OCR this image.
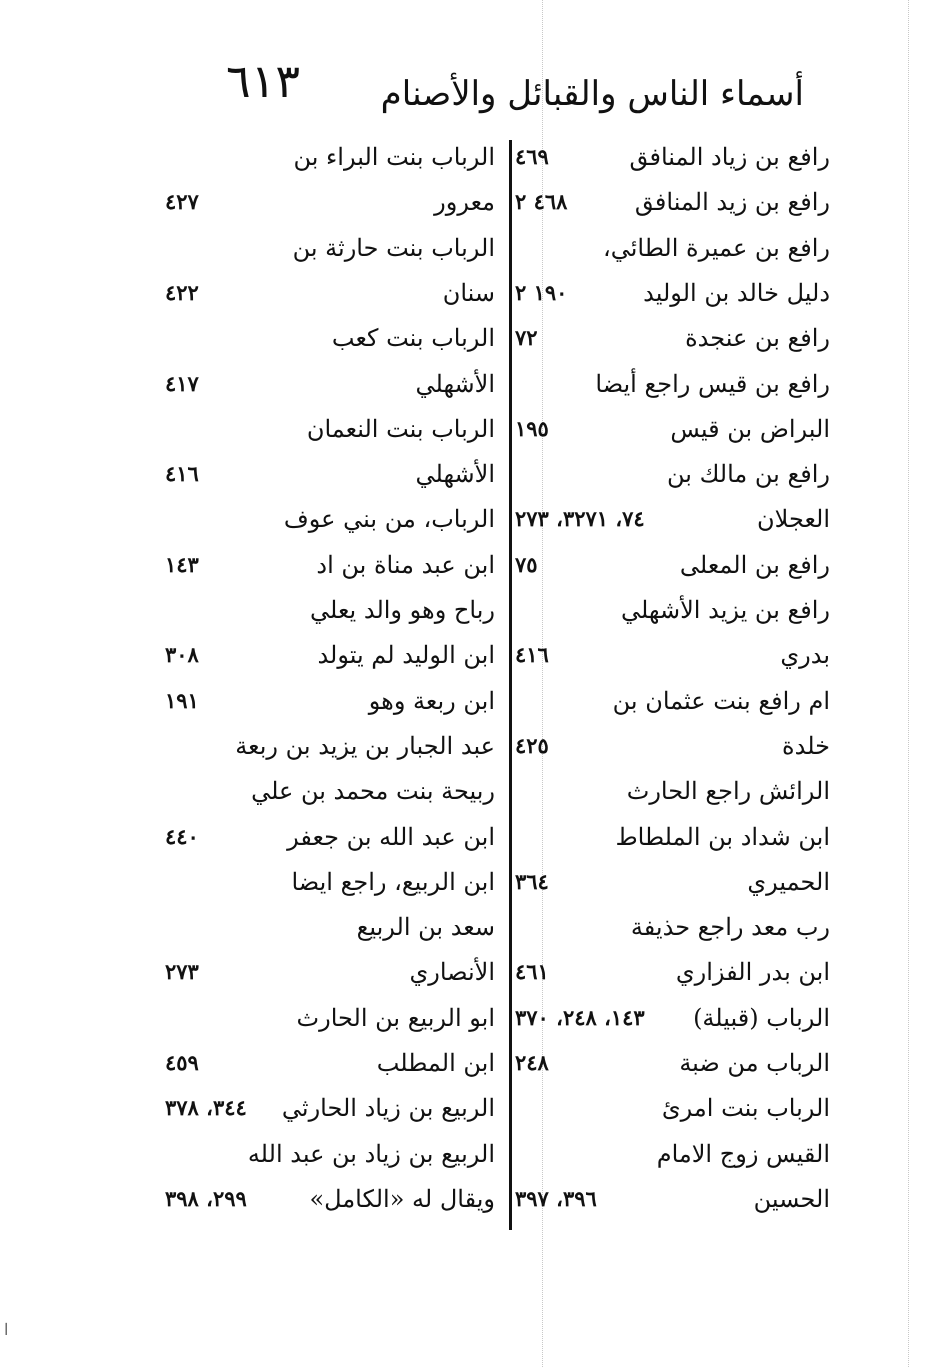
٦١٣ أسماء الناس والقبائل والأصنام
رافع بن زياد المنافق
٤٦٩
رافع بن زيد المنافق
٤٦٨ ٢
رافع بن عميرة الطائي،
دليل خالد بن الوليد
١٩٠ ٢
رافع بن عنجدة
٧٢
رافع بن قيس راجع أيضا
البراض بن قيس
١٩٥
رافع بن مالك بن
العجلان
٧٤، ٣٢٧١، ٢٧٣
رافع بن المعلى
٧٥
رافع بن يزيد الأشهلي
بدري
٤١٦
ام رافع بنت عثمان بن
خلدة
٤٢٥
الرائش راجع الحارث
ابن شداد بن الملطاط
الحميري
٣٦٤
رب معد راجع حذيفة
ابن بدر الفزاري
٤٦١
الرباب (قبيلة)
١٤٣، ٢٤٨، ٣٧٠
الرباب من ضبة
٢٤٨
الرباب بنت امرئ
القيس زوج الامام
الحسين
٣٩٦، ٣٩٧
الرباب بنت البراء بن
معرور
٤٢٧
الرباب بنت حارثة بن
سنان
٤٢٢
الرباب بنت كعب
الأشهلي
٤١٧
الرباب بنت النعمان
الأشهلي
٤١٦
الرباب، من بني عوف
ابن عبد مناة بن اد
١٤٣
رباح وهو والد يعلي
ابن الوليد لم يتولد
٣٠٨
ابن ربعة وهو
١٩١
عبد الجبار بن يزيد بن ربعة
ربيحة بنت محمد بن علي
ابن عبد الله بن جعفر
٤٤٠
ابن الربيع، راجع ايضا
سعد بن الربيع
الأنصاري
٢٧٣
ابو الربيع بن الحارث
ابن المطلب
٤٥٩
الربيع بن زياد الحارثي
٣٤٤، ٣٧٨
الربيع بن زياد بن عبد الله
ويقال له «الكامل»
٢٩٩، ٣٩٨
ا
